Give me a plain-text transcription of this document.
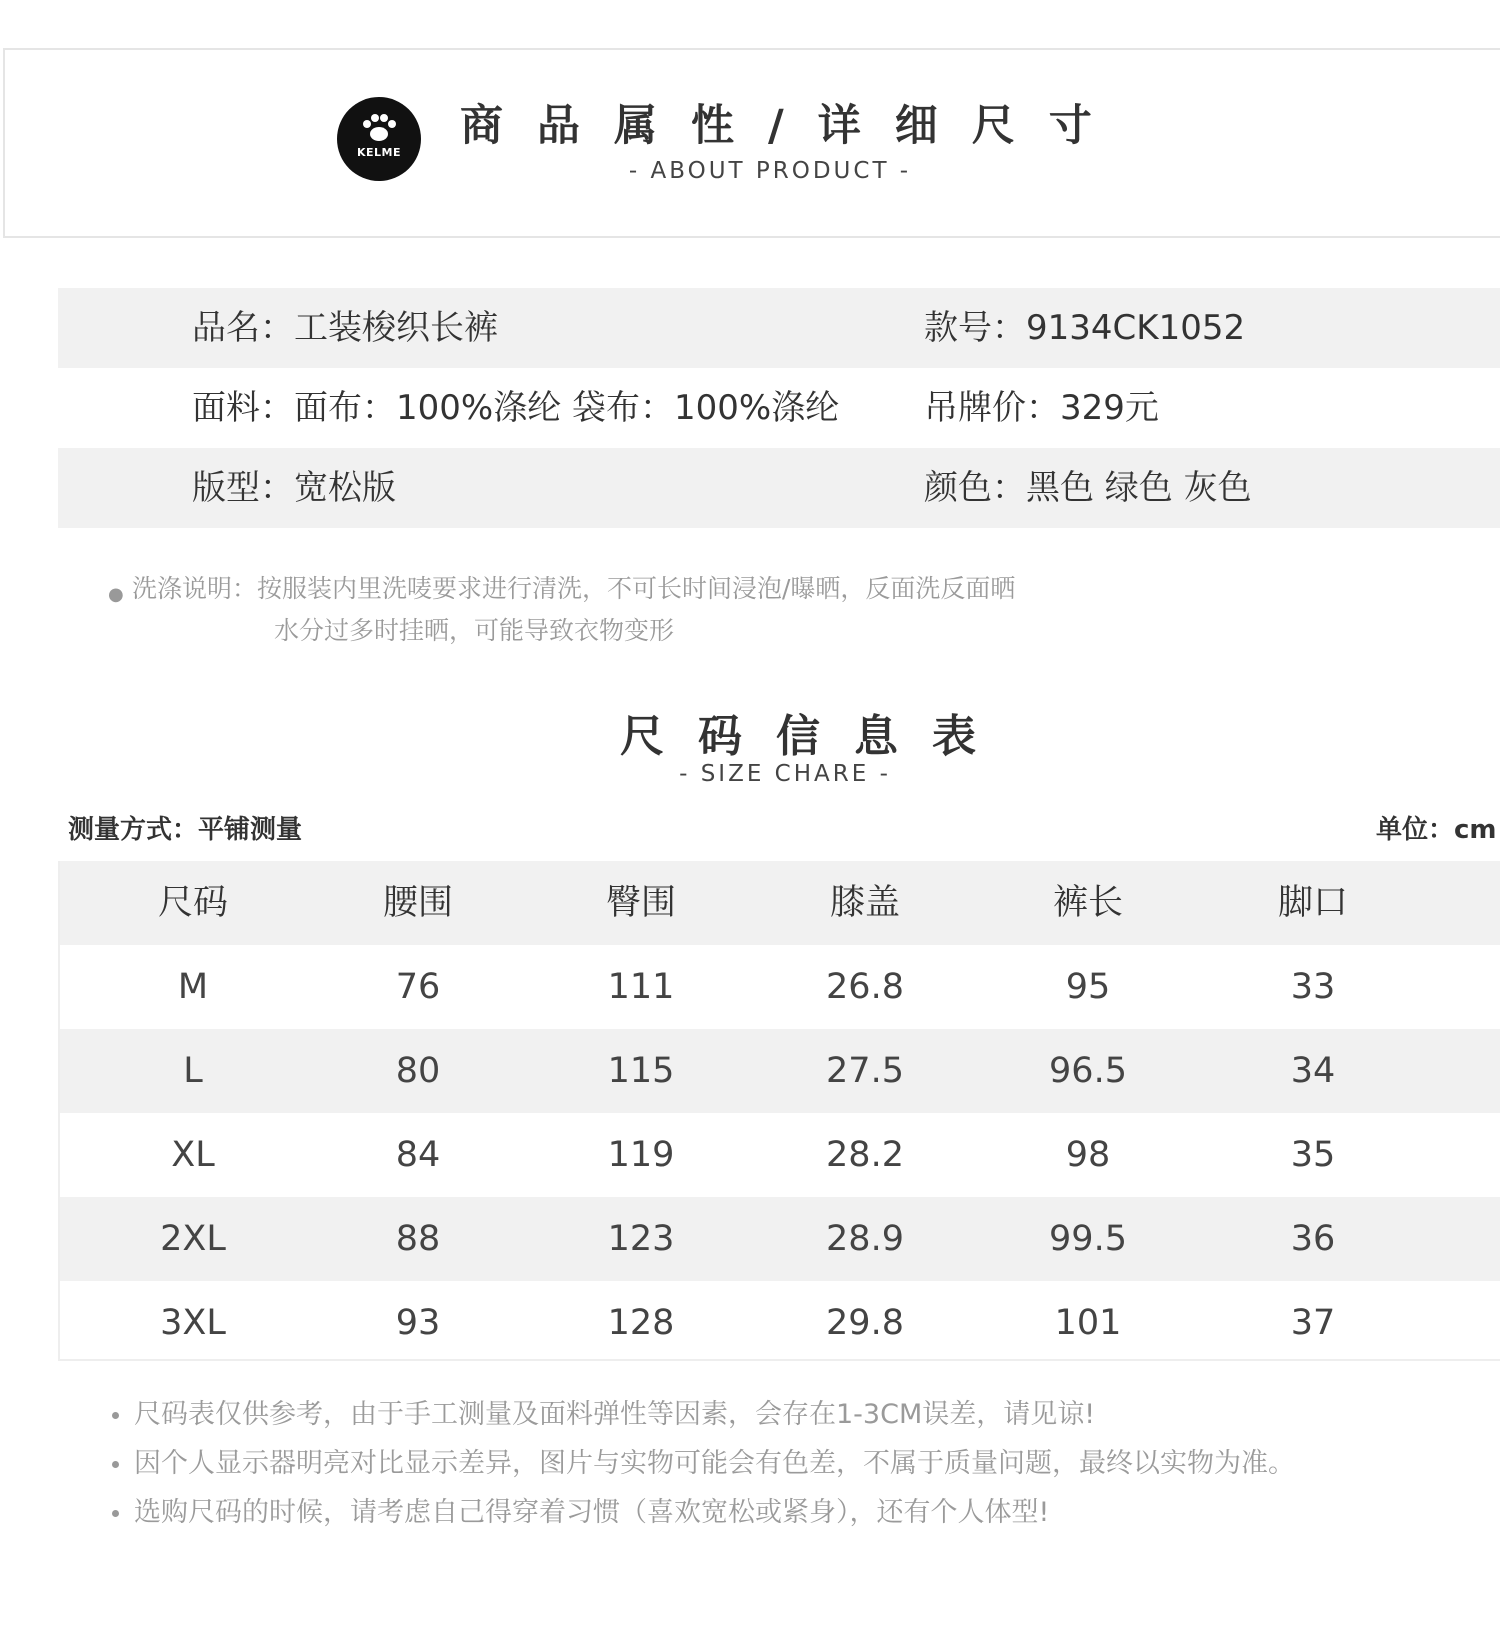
KELME
商品属性/详细尺寸
- ABOUT PRODUCT -
品名：工装梭织长裤	款号：9134CK1052
面料：面布：100%涤纶 袋布：100%涤纶 吊牌价：329元
版型：宽松版	颜色：黑色 绿色 灰色
● 洗涤说明：按服装内里洗唛要求进行清洗，不可长时间浸泡/曝晒，反面洗反面晒
水分过多时挂晒，可能导致衣物变形
尺码信息表
- SIZE CHARE -
测量方式：平铺测量	单位：cm
尺码	腰围	臀围	膝盖	裤长	脚口
M	76	111	26.8	95	33
L	80	115	27.5	96.5	34
XL	84	119	28.2	98	35
2XL	88	123	28.9	99.5	36
3XL	93	128	29.8	101	37
尺码表仅供参考，由于手工测量及面料弹性等因素，会存在1-3CM误差，请见谅!
因个人显示器明亮对比显示差异，图片与实物可能会有色差，不属于质量问题，最终以实物为准。
选购尺码的时候，请考虑自己得穿着习惯（喜欢宽松或紧身），还有个人体型!
